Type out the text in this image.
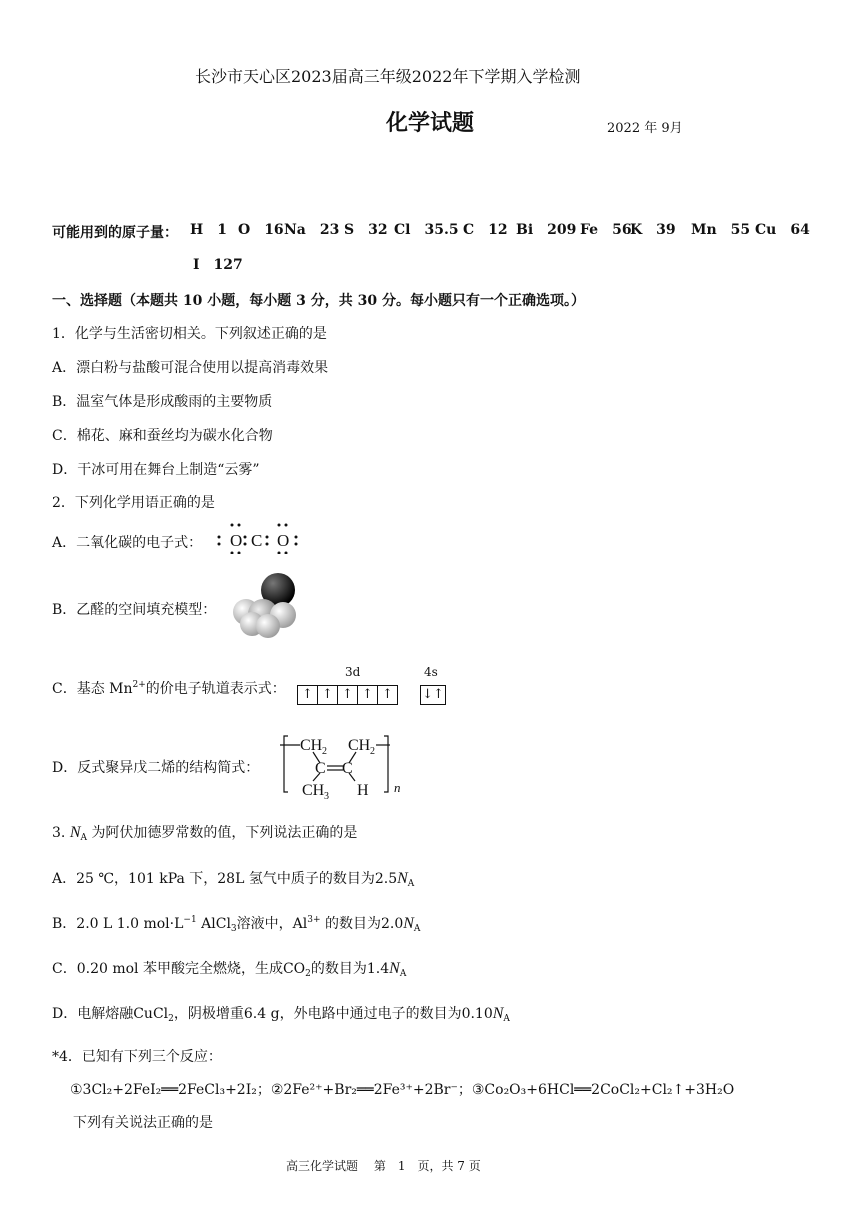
长沙市天心区2023届高三年级2022年下学期入学检测
化学试题	2022 年 9月
可能用到的原子量： H 1 O 16 Na 23 S 32 Cl 35.5 C 12 Bi 209 Fe 56
K 39 Mn 55 Cu 64
I 127
一、选择题（本题共 10 小题，每小题 3 分，共 30 分。每小题只有一个正确选项。）
1．化学与生活密切相关。下列叙述正确的是
A．漂白粉与盐酸可混合使用以提高消毒效果
B．温室气体是形成酸雨的主要物质
C．棉花、麻和蚕丝均为碳水化合物
D．干冰可用在舞台上制造“云雾”
2．下列化学用语正确的是
A．二氧化碳的电子式： O C O
B．乙醛的空间填充模型：
C．基态 $Mn^{2+}$的价电子轨道表示式：
3d	4s
↑ ↑ ↑ ↑ ↑	↓↑
D．反式聚异戊二烯的结构简式：
CH 2 CH 2
C C
CH 3 H n
3. $N_A$ 为阿伏加德罗常数的值，下列说法正确的是
A．25 ℃，101 kPa 下，28L 氢气中质子的数目为$2.5N_A$
B．2.0 L 1.0 $mol\cdot L^{-1}$ AlCl$_3$溶液中，$Al^{3+}$ 的数目为$2.0N_A$
C．0.20 mol 苯甲酸完全燃烧，生成$CO_2$的数目为$1.4N_A$
D．电解熔融CuCl$_2$，阴极增重6.4 g，外电路中通过电子的数目为$0.10N_A$
*4．已知有下列三个反应：
①3Cl₂+2FeI₂══2FeCl₃+2I₂；②2Fe²⁺+Br₂══2Fe³⁺+2Br⁻；③Co₂O₃+6HCl══2CoCl₂+Cl₂↑+3H₂O
下列有关说法正确的是
高三化学试题　 第　1　页，共 7 页
